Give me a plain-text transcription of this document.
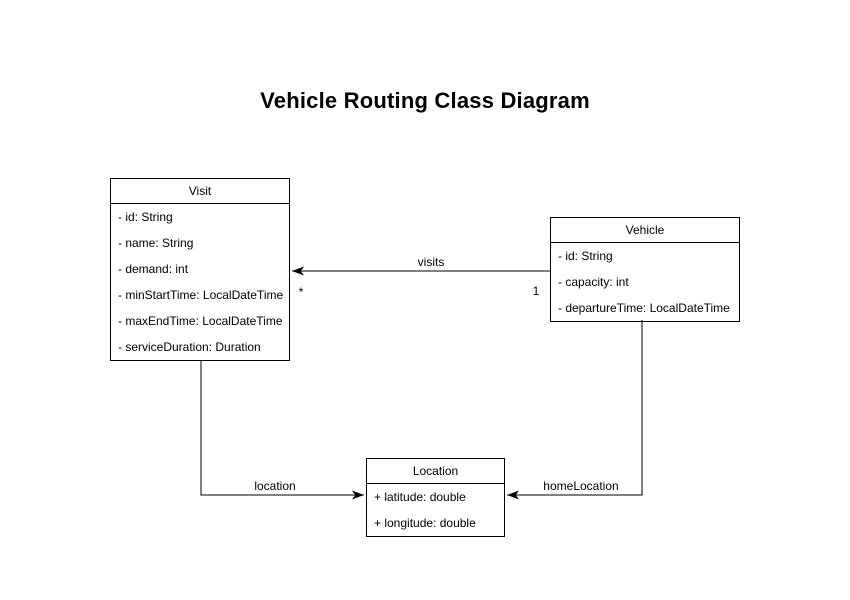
Vehicle Routing Class Diagram
Visit
- id: String
- name: String
- demand: int
- minStartTime: LocalDateTime
- maxEndTime: LocalDateTime
- serviceDuration: Duration
Vehicle
- id: String
- capacity: int
- departureTime: LocalDateTime
Location
+ latitude: double
+ longitude: double
visits
*	1
location	homeLocation
